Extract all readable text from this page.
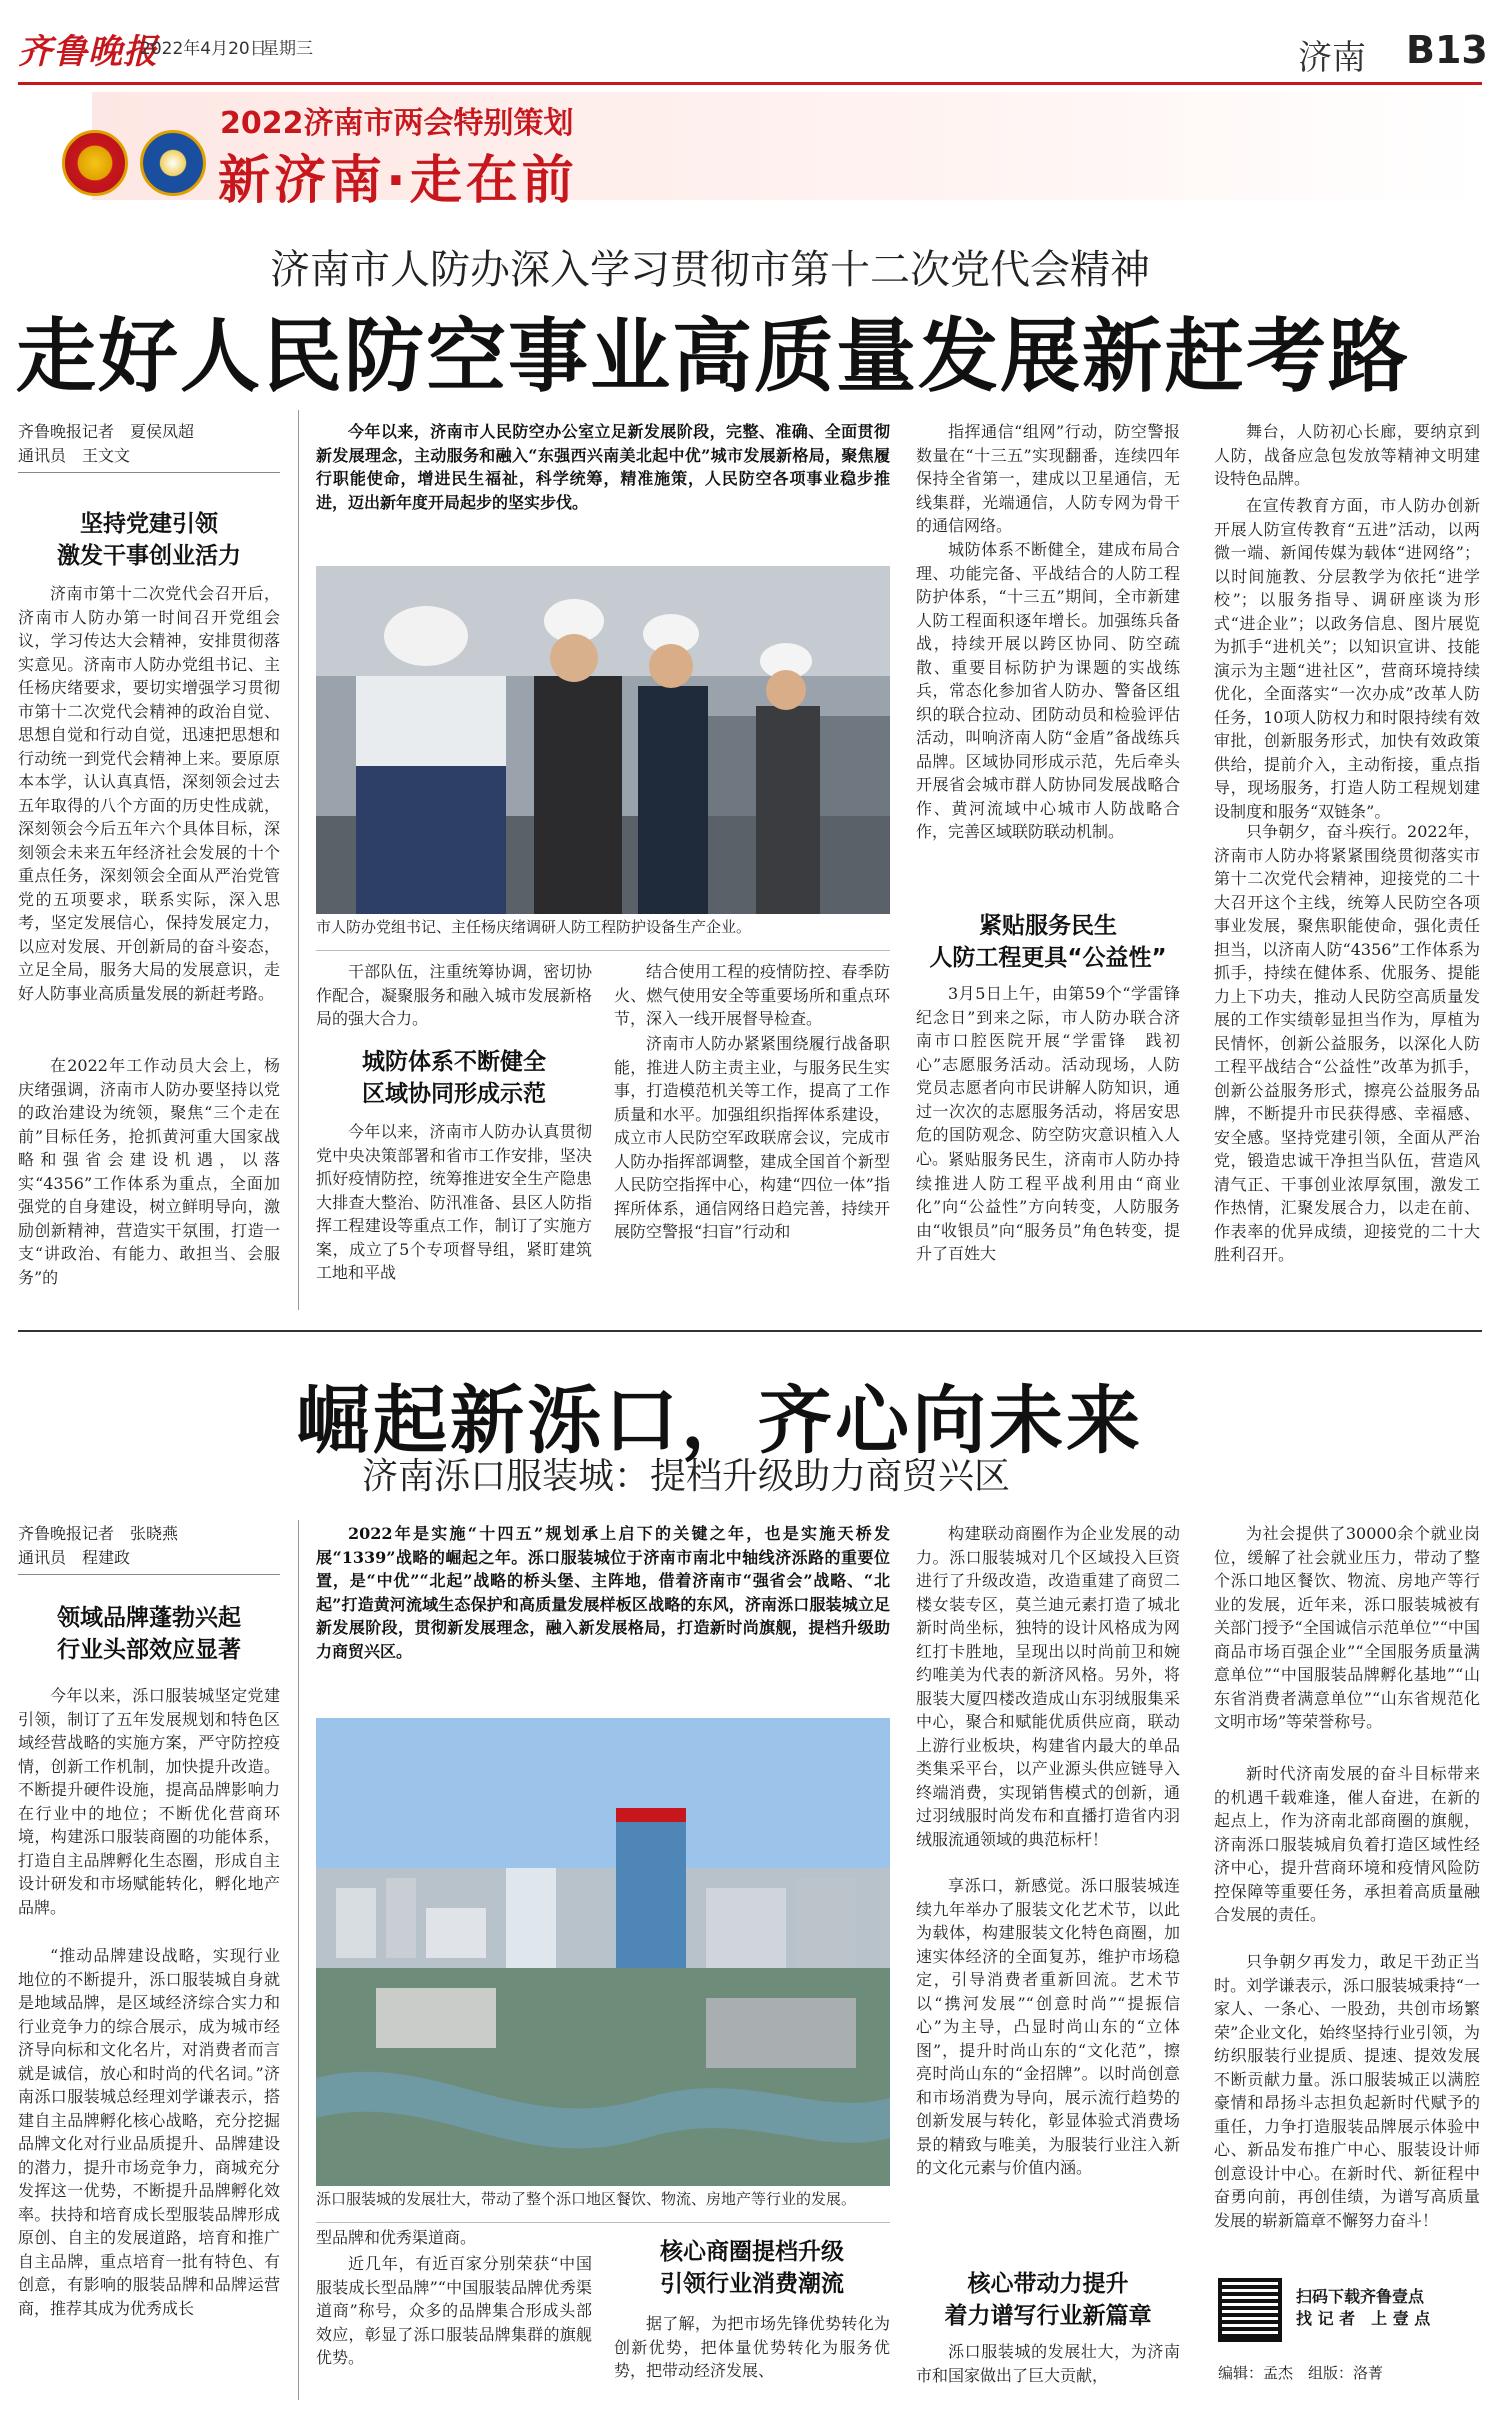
齐鲁晚报
2022年4月20日
星期三	济南 B13
2022济南市两会特别策划
新济南·走在前
济南市人防办深入学习贯彻市第十二次党代会精神
走好人民防空事业高质量发展新赶考路
齐鲁晚报记者　夏侯凤超
通讯员　王文文
坚持党建引领
激发干事创业活力
济南市第十二次党代会召开后，济南市人防办第一时间召开党组会议，学习传达大会精神，安排贯彻落实意见。济南市人防办党组书记、主任杨庆绪要求，要切实增强学习贯彻市第十二次党代会精神的政治自觉、思想自觉和行动自觉，迅速把思想和行动统一到党代会精神上来。要原原本本学，认认真真悟，深刻领会过去五年取得的八个方面的历史性成就，深刻领会今后五年六个具体目标，深刻领会未来五年经济社会发展的十个重点任务，深刻领会全面从严治党管党的五项要求，联系实际，深入思考，坚定发展信心，保持发展定力，以应对发展、开创新局的奋斗姿态，立足全局，服务大局的发展意识，走好人防事业高质量发展的新赶考路。
在2022年工作动员大会上，杨庆绪强调，济南市人防办要坚持以党的政治建设为统领，聚焦“三个走在前”目标任务，抢抓黄河重大国家战略和强省会建设机遇，以落实“4356”工作体系为重点，全面加强党的自身建设，树立鲜明导向，激励创新精神，营造实干氛围，打造一支“讲政治、有能力、敢担当、会服务”的
今年以来，济南市人民防空办公室立足新发展阶段，完整、准确、全面贯彻新发展理念，主动服务和融入“东强西兴南美北起中优”城市发展新格局，聚焦履行职能使命，增进民生福祉，科学统筹，精准施策，人民防空各项事业稳步推进，迈出新年度开局起步的坚实步伐。
市人防办党组书记、主任杨庆绪调研人防工程防护设备生产企业。
干部队伍，注重统筹协调，密切协作配合，凝聚服务和融入城市发展新格局的强大合力。
城防体系不断健全
区域协同形成示范
今年以来，济南市人防办认真贯彻党中央决策部署和省市工作安排，坚决抓好疫情防控，统筹推进安全生产隐患大排查大整治、防汛准备、县区人防指挥工程建设等重点工作，制订了实施方案，成立了5个专项督导组，紧盯建筑工地和平战
结合使用工程的疫情防控、春季防火、燃气使用安全等重要场所和重点环节，深入一线开展督导检查。
济南市人防办紧紧围绕履行战备职能，推进人防主责主业，与服务民生实事，打造模范机关等工作，提高了工作质量和水平。加强组织指挥体系建设，成立市人民防空军政联席会议，完成市人防办指挥部调整，建成全国首个新型人民防空指挥中心，构建“四位一体”指挥所体系，通信网络日趋完善，持续开展防空警报“扫盲”行动和
指挥通信“组网”行动，防空警报数量在“十三五”实现翻番，连续四年保持全省第一，建成以卫星通信，无线集群，光端通信，人防专网为骨干的通信网络。
城防体系不断健全，建成布局合理、功能完备、平战结合的人防工程防护体系，“十三五”期间，全市新建人防工程面积逐年增长。加强练兵备战，持续开展以跨区协同、防空疏散、重要目标防护为课题的实战练兵，常态化参加省人防办、警备区组织的联合拉动、团防动员和检验评估活动，叫响济南人防“金盾”备战练兵品牌。区域协同形成示范，先后牵头开展省会城市群人防协同发展战略合作、黄河流域中心城市人防战略合作，完善区域联防联动机制。
紧贴服务民生
人防工程更具“公益性”
3月5日上午，由第59个“学雷锋纪念日”到来之际，市人防办联合济南市口腔医院开展“学雷锋　践初心”志愿服务活动。活动现场，人防党员志愿者向市民讲解人防知识，通过一次次的志愿服务活动，将居安思危的国防观念、防空防灾意识植入人心。 紧贴服务民生，济南市人防办持续推进人防工程平战利用由“商业化”向“公益性”方向转变，人防服务由“收银员”向“服务员”角色转变，提升了百姓大
舞台，人防初心长廊，要纳京到人防，战备应急包发放等精神文明建设特色品牌。
在宣传教育方面，市人防办创新开展人防宣传教育“五进”活动，以两微一端、新闻传媒为载体“进网络”；以时间施教、分层教学为依托“进学校”；以服务指导、调研座谈为形式“进企业”；以政务信息、图片展览为抓手“进机关”；以知识宣讲、技能演示为主题“进社区”，营商环境持续优化，全面落实“一次办成”改革人防任务，10项人防权力和时限持续有效审批，创新服务形式，加快有效政策供给，提前介入，主动衔接，重点指导，现场服务，打造人防工程规划建设制度和服务“双链条”。
只争朝夕，奋斗疾行。2022年，济南市人防办将紧紧围绕贯彻落实市第十二次党代会精神，迎接党的二十大召开这个主线，统筹人民防空各项事业发展，聚焦职能使命，强化责任担当，以济南人防“4356”工作体系为抓手，持续在健体系、优服务、提能力上下功夫，推动人民防空高质量发展的工作实绩彰显担当作为，厚植为民情怀，创新公益服务，以深化人防工程平战结合“公益性”改革为抓手，创新公益服务形式，擦亮公益服务品牌，不断提升市民获得感、幸福感、安全感。坚持党建引领，全面从严治党，锻造忠诚干净担当队伍，营造风清气正、干事创业浓厚氛围，激发工作热情，汇聚发展合力，以走在前、作表率的优异成绩，迎接党的二十大胜利召开。
崛起新泺口，齐心向未来
济南泺口服装城：提档升级助力商贸兴区
齐鲁晚报记者　张晓燕
通讯员　程建政
领域品牌蓬勃兴起
行业头部效应显著
今年以来，泺口服装城坚定党建引领，制订了五年发展规划和特色区域经营战略的实施方案，严守防控疫情，创新工作机制，加快提升改造。不断提升硬件设施，提高品牌影响力在行业中的地位；不断优化营商环境，构建泺口服装商圈的功能体系，打造自主品牌孵化生态圈，形成自主设计研发和市场赋能转化，孵化地产品牌。
“推动品牌建设战略，实现行业地位的不断提升，泺口服装城自身就是地域品牌，是区域经济综合实力和行业竞争力的综合展示，成为城市经济导向标和文化名片，对消费者而言就是诚信，放心和时尚的代名词。”济南泺口服装城总经理刘学谦表示，搭建自主品牌孵化核心战略，充分挖掘品牌文化对行业品质提升、品牌建设的潜力，提升市场竞争力，商城充分发挥这一优势，不断提升品牌孵化效率。扶持和培育成长型服装品牌形成原创、自主的发展道路，培育和推广自主品牌，重点培育一批有特色、有创意，有影响的服装品牌和品牌运营商，推荐其成为优秀成长
2022年是实施“十四五”规划承上启下的关键之年，也是实施天桥发展“1339”战略的崛起之年。泺口服装城位于济南市南北中轴线济泺路的重要位置，是“中优”“北起”战略的桥头堡、主阵地，借着济南市“强省会”战略、“北起”打造黄河流域生态保护和高质量发展样板区战略的东风，济南泺口服装城立足新发展阶段，贯彻新发展理念，融入新发展格局，打造新时尚旗舰，提档升级助力商贸兴区。
泺口服装城的发展壮大，带动了整个泺口地区餐饮、物流、房地产等行业的发展。
型品牌和优秀渠道商。
近几年，有近百家分别荣获“中国服装成长型品牌”“中国服装品牌优秀渠道商”称号，众多的品牌集合形成头部效应，彰显了泺口服装品牌集群的旗舰优势。
核心商圈提档升级
引领行业消费潮流
据了解，为把市场先锋优势转化为创新优势，把体量优势转化为服务优势，把带动经济发展、
构建联动商圈作为企业发展的动力。泺口服装城对几个区域投入巨资进行了升级改造，改造重建了商贸二楼女装专区，莫兰迪元素打造了城北新时尚坐标，独特的设计风格成为网红打卡胜地，呈现出以时尚前卫和婉约唯美为代表的新济风格。另外，将服装大厦四楼改造成山东羽绒服集采中心，聚合和赋能优质供应商，联动上游行业板块，构建省内最大的单品类集采平台，以产业源头供应链导入终端消费，实现销售模式的创新，通过羽绒服时尚发布和直播打造省内羽绒服流通领域的典范标杆！
享泺口，新感觉。泺口服装城连续九年举办了服装文化艺术节，以此为载体，构建服装文化特色商圈，加速实体经济的全面复苏，维护市场稳定，引导消费者重新回流。艺术节以“携河发展”“创意时尚”“提振信心”为主导，凸显时尚山东的“立体图”，提升时尚山东的“文化范”，擦亮时尚山东的“金招牌”。以时尚创意和市场消费为导向，展示流行趋势的创新发展与转化，彰显体验式消费场景的精致与唯美，为服装行业注入新的文化元素与价值内涵。
核心带动力提升
着力谱写行业新篇章
泺口服装城的发展壮大，为济南市和国家做出了巨大贡献，
为社会提供了30000余个就业岗位，缓解了社会就业压力，带动了整个泺口地区餐饮、物流、房地产等行业的发展，近年来，泺口服装城被有关部门授予“全国诚信示范单位”“中国商品市场百强企业”“全国服务质量满意单位”“中国服装品牌孵化基地”“山东省消费者满意单位”“山东省规范化文明市场”等荣誉称号。
新时代济南发展的奋斗目标带来的机遇千载难逢，催人奋进，在新的起点上，作为济南北部商圈的旗舰，济南泺口服装城肩负着打造区域性经济中心，提升营商环境和疫情风险防控保障等重要任务，承担着高质量融合发展的责任。
只争朝夕再发力，敢足干劲正当时。刘学谦表示，泺口服装城秉持“一家人、一条心、一股劲，共创市场繁荣”企业文化，始终坚持行业引领，为纺织服装行业提质、提速、提效发展不断贡献力量。泺口服装城正以满腔豪情和昂扬斗志担负起新时代赋予的重任，力争打造服装品牌展示体验中心、新品发布推广中心、服装设计师创意设计中心。在新时代、新征程中奋勇向前，再创佳绩，为谱写高质量发展的崭新篇章不懈努力奋斗！
扫码下载齐鲁壹点
找 记 者　上 壹 点
编辑：孟杰　组版：洛菁
